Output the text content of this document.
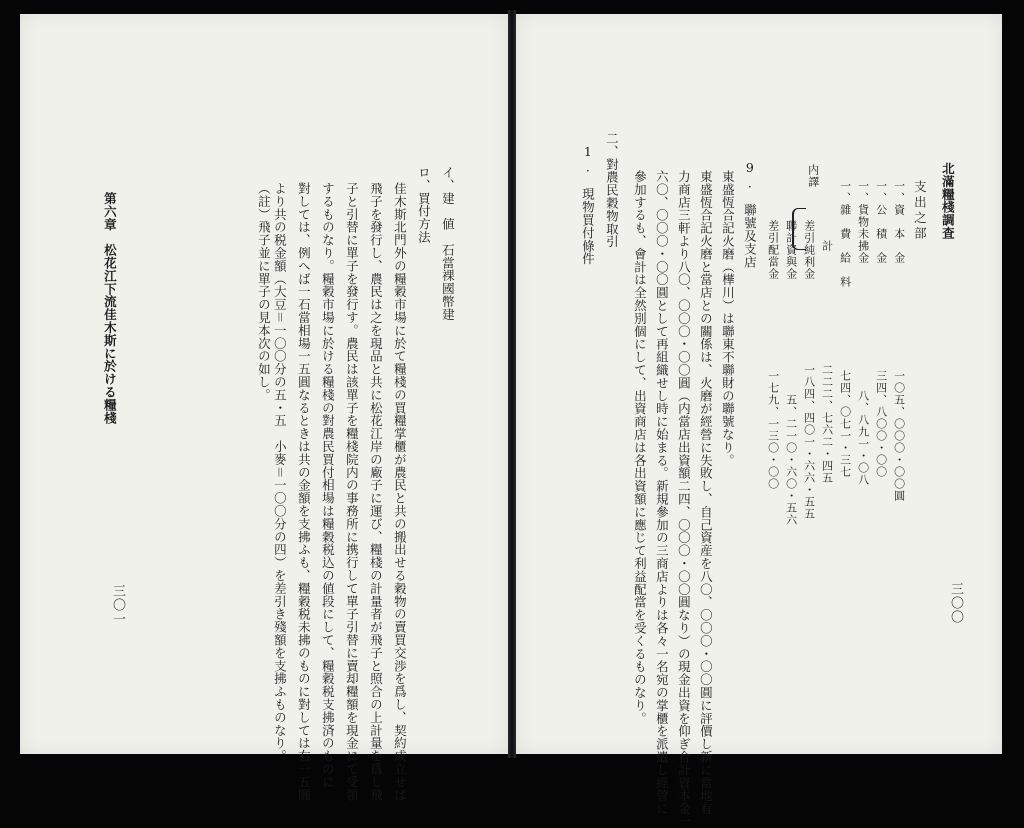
三〇一
第六章　松花江下流佳木斯に於ける糧棧	（註）飛子並に單子の見本次の如し。 より共の税金額（大豆＝一〇〇分の五・五　小麥＝一〇〇分の四）を差引き殘額を支拂ふものなり。 對しては、例へば一石當相場一五圓なるときは共の金額を支拂ふも、糧穀税未拂のものに對しては右一五圓 するものなり。糧穀市場に於ける糧棧の對農民買付相場は糧穀税込の値段にして、糧穀税支拂済のものに 子と引替に單子を發行す。農民は該單子を糧棧院内の事務所に携行して單子引替に賣却糧額を現金にて受領 飛子を發行し、農民は之を現品と共に松花江岸の廠子に運び、糧棧の計量者が飛子と照合の上計量を爲し飛 佳木斯北門外の糧穀市場に於て糧棧の買糧掌櫃が農民と共の搬出せる穀物の賣買交渉を爲し、契約成立せば ロ、買付方法 イ、建　値　石當裸國幣建
三〇〇
北滿糧棧調査
支出之部
一、資　本　金
一、公　積　金
一、貨物未拂金
一、雜　費　給　料
　　　計
内譯
差引純利金
聯計資與金
差引配當金
一〇五、〇〇〇・〇〇圓
三四、八〇〇・〇〇
八、八九一・〇八
七四、〇七一・三七
二二二、七六二・四五
一八四、四〇一・六六・五五
五、二一〇・六〇・五六
一七九、一三〇・〇〇
9.　聯號及支店
東盛恆合記火磨（樺川）は聯東不聯財の聯號なり。
東盛恆合記火磨と當店との關係は、火磨が經營に失敗し、自己資産を八〇、〇〇〇・〇〇圓に評價し新に當地有
力商店三軒より八〇、〇〇〇・〇〇圓（内當店出資額二四、〇〇〇・〇〇圓なり）の現金出資を仰ぎ合計資本金一
六〇、〇〇〇・〇〇圓として再組織せし時に始まる。新規參加の三商店よりは各々一名宛の掌櫃を派遣し經營に
參加するも、會計は全然別個にして、出資商店は各出資額に應じて利益配當を受くるものなり。
二、對農民穀物取引
1.　現物買付條件
